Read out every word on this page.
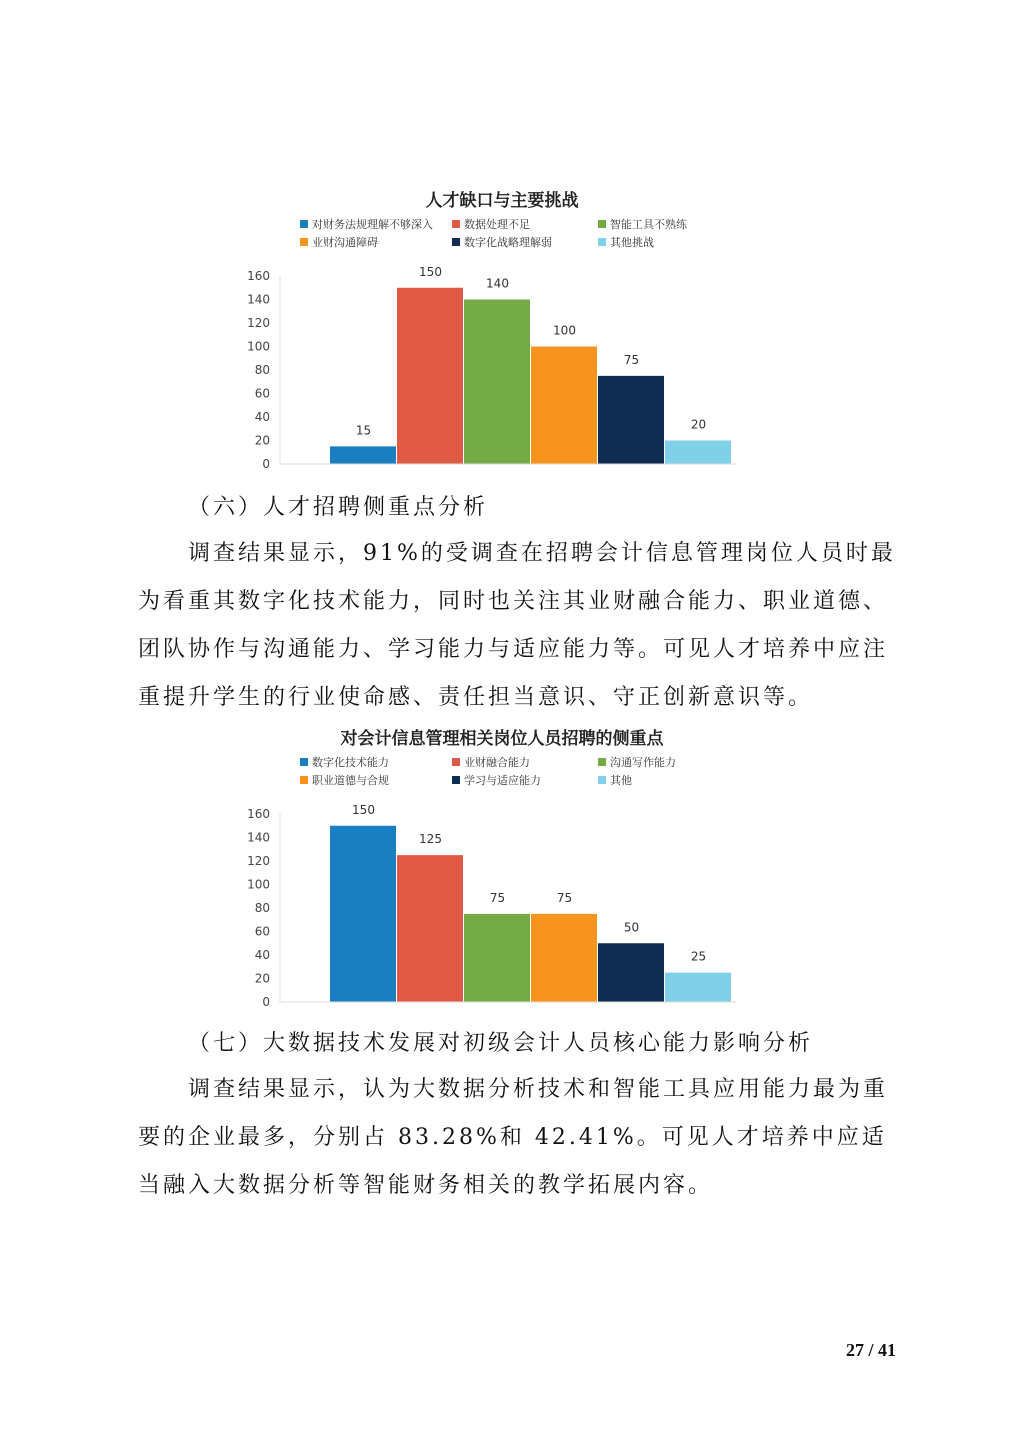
人才缺口与主要挑战
对财务法规理解不够深入	数据处理不足	智能工具不熟练
业财沟通障碍	数字化战略理解弱	其他挑战
0
20
40
60
80
100
120
140
160
15
150
140
100
75
20
（六）人才招聘侧重点分析
调查结果显示，91%的受调查在招聘会计信息管理岗位人员时最为看重其数字化技术能力，同时也关注其业财融合能力、职业道德、团队协作与沟通能力、学习能力与适应能力等。可见人才培养中应注重提升学生的行业使命感、责任担当意识、守正创新意识等。
对会计信息管理相关岗位人员招聘的侧重点
数字化技术能力	业财融合能力	沟通写作能力
职业道德与合规	学习与适应能力	其他
0
20
40
60
80
100
120
140
160	150
125
75	75
50
25
（七）大数据技术发展对初级会计人员核心能力影响分析
调查结果显示，认为大数据分析技术和智能工具应用能力最为重要的企业最多，分别占 83.28%和 42.41%。可见人才培养中应适当融入大数据分析等智能财务相关的教学拓展内容。
27 / 41
